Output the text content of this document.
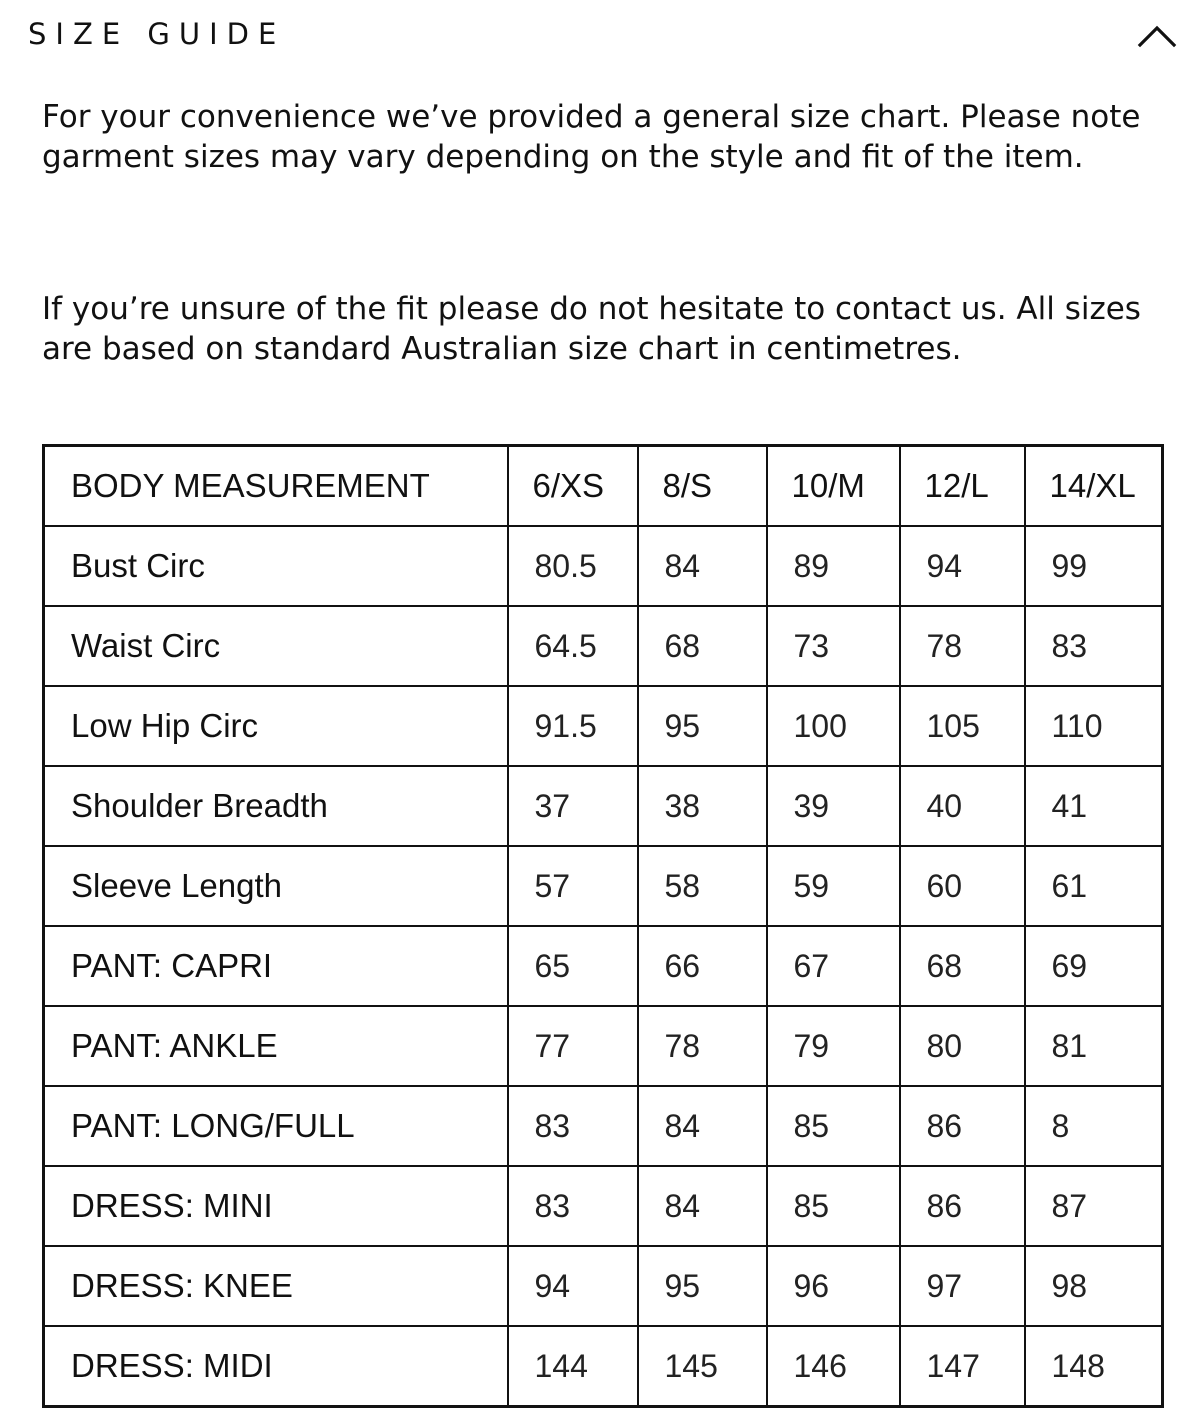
SIZE GUIDE

For your convenience we’ve provided a general size chart. Please note garment sizes may vary depending on the style and fit of the item.

If you’re unsure of the fit please do not hesitate to contact us. All sizes are based on standard Australian size chart in centimetres.

BODY MEASUREMENT	6/XS	8/S	10/M	12/L	14/XL
Bust Circ	80.5	84	89	94	99
Waist Circ	64.5	68	73	78	83
Low Hip Circ	91.5	95	100	105	110
Shoulder Breadth	37	38	39	40	41
Sleeve Length	57	58	59	60	61
PANT: CAPRI	65	66	67	68	69
PANT: ANKLE	77	78	79	80	81
PANT: LONG/FULL	83	84	85	86	8
DRESS: MINI	83	84	85	86	87
DRESS: KNEE	94	95	96	97	98
DRESS: MIDI	144	145	146	147	148
